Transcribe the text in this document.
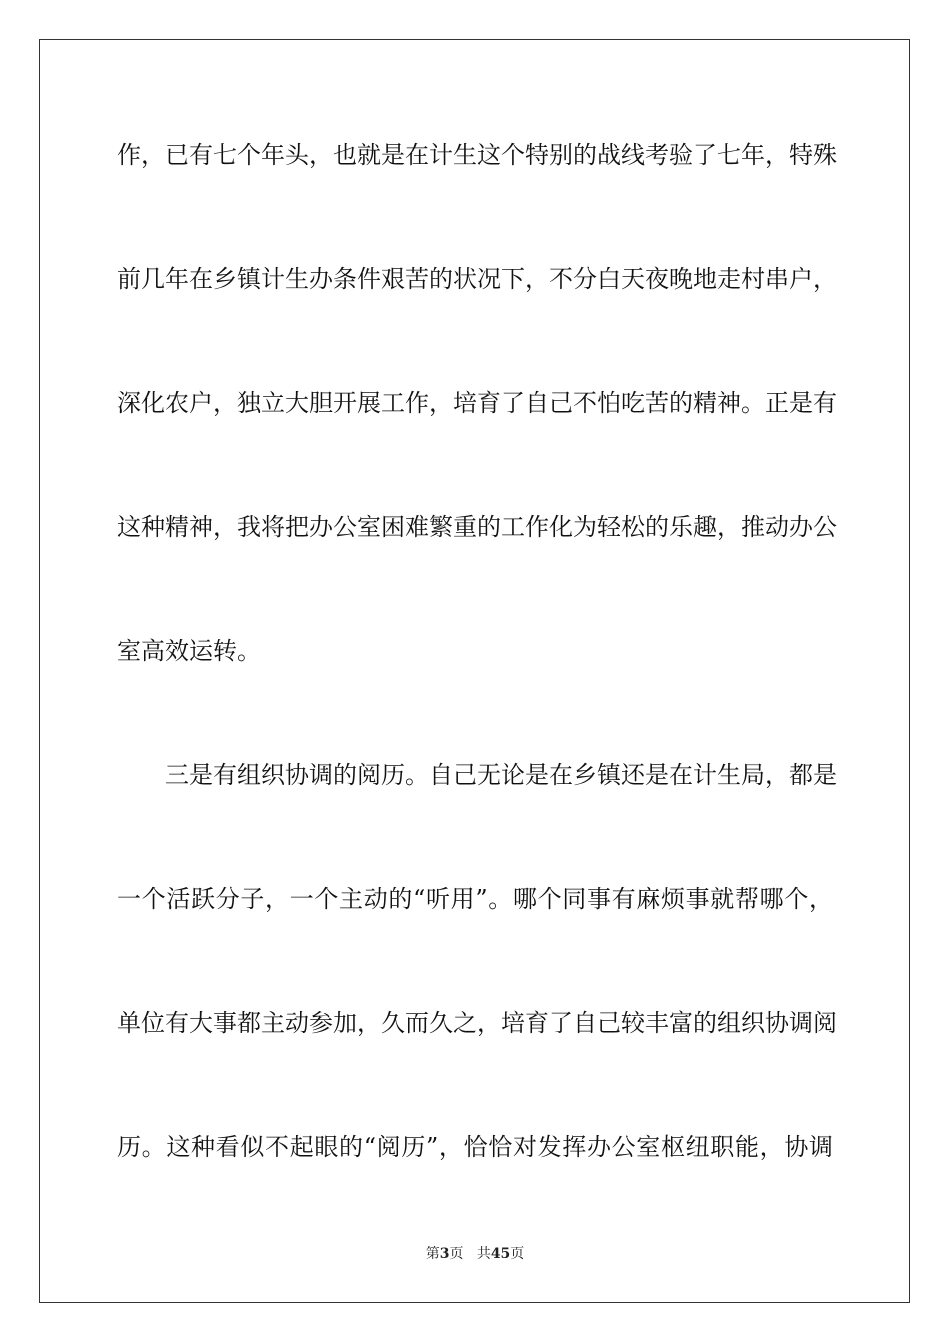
作，已有七个年头，也就是在计生这个特别的战线考验了七年，特殊
前几年在乡镇计生办条件艰苦的状况下，不分白天夜晚地走村串户，
深化农户，独立大胆开展工作，培育了自己不怕吃苦的精神。正是有
这种精神，我将把办公室困难繁重的工作化为轻松的乐趣，推动办公
室高效运转。
三是有组织协调的阅历。自己无论是在乡镇还是在计生局，都是
一个活跃分子，一个主动的“听用”。哪个同事有麻烦事就帮哪个，
单位有大事都主动参加，久而久之，培育了自己较丰富的组织协调阅
历。这种看似不起眼的“阅历”，恰恰对发挥办公室枢纽职能，协调
第3页 共45页
